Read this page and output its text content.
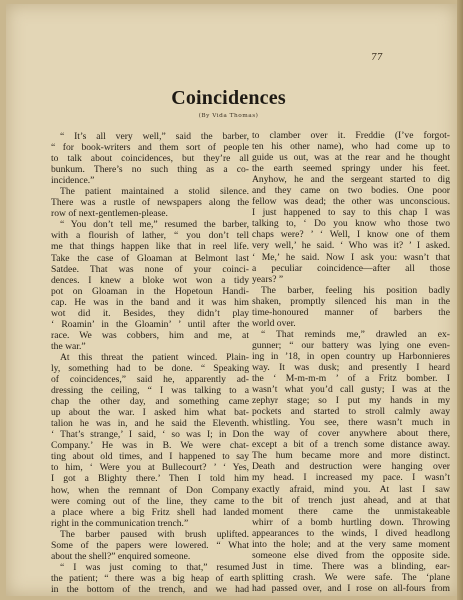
77
Coincidences
(By Vida Thomas)
“ It’s all very well,” said the barber,
“ for book-writers and them sort of people
to talk about coincidences, but they’re all
bunkum. There’s no such thing as a co-
incidence.”
The patient maintained a stolid silence.
There was a rustle of newspapers along the
row of next-gentlemen-please.
“ You don’t tell me,” resumed the barber,
with a flourish of lather, “ you don’t tell
me that things happen like that in reel life.
Take the case of Gloaman at Belmont last
Satdee. That was none of your coinci-
dences. I knew a bloke wot won a tidy
pot on Gloaman in the Hopetoun Handi-
cap. He was in the band and it was him
wot did it. Besides, they didn’t play
‘ Roamin’ in the Gloamin’ ’ until after the
race. We was cobbers, him and me, at
the war.”
At this threat the patient winced. Plain-
ly, something had to be done. “ Speaking
of coincidences,” said he, apparently ad-
dressing the ceiling, “ I was talking to a
chap the other day, and something came
up about the war. I asked him what bat-
talion he was in, and he said the Eleventh.
‘ That’s strange,’ I said, ‘ so was I; in Don
Company.’ He was in B. We were chat-
ting about old times, and I happened to say
to him, ‘ Were you at Bullecourt? ’ ‘ Yes,
I got a Blighty there.’ Then I told him
how, when the remnant of Don Company
were coming out of the line, they came to
a place where a big Fritz shell had landed
right in the communication trench.”
The barber paused with brush uplifted.
Some of the papers were lowered. “ What
about the shell?” enquired someone.
“ I was just coming to that,” resumed
the patient; “ there was a big heap of earth
in the bottom of the trench, and we had
to clamber over it. Freddie (I’ve forgot-
ten his other name), who had come up to
guide us out, was at the rear and he thought
the earth seemed springy under his feet.
Anyhow, he and the sergeant started to dig
and they came on two bodies. One poor
fellow was dead; the other was unconscious.
I just happened to say to this chap I was
talking to, ‘ Do you know who those two
chaps were? ’ ‘ Well, I know one of them
very well,’ he said. ‘ Who was it? ’ I asked.
‘ Me,’ he said. Now I ask you: wasn’t that
a peculiar coincidence—after all those
years? ”
The barber, feeling his position badly
shaken, promptly silenced his man in the
time-honoured manner of barbers the
world over.
“ That reminds me,” drawled an ex-
gunner; “ our battery was lying one even-
ing in ’18, in open country up Harbonnieres
way. It was dusk; and presently I heard
the ‘ M-m-m-m ’ of a Fritz bomber. I
wasn’t what you’d call gusty; I was at the
zephyr stage; so I put my hands in my
pockets and started to stroll calmly away
whistling. You see, there wasn’t much in
the way of cover anywhere about there,
except a bit of a trench some distance away.
The hum became more and more distinct.
Death and destruction were hanging over
my head. I increased my pace. I wasn’t
exactly afraid, mind you. At last I saw
the bit of trench just ahead, and at that
moment there came the unmistakeable
whirr of a bomb hurtling down. Throwing
appearances to the winds, I dived headlong
into the hole; and at the very same moment
someone else dived from the opposite side.
Just in time. There was a blinding, ear-
splitting crash. We were safe. The ‘plane
had passed over, and I rose on all-fours from
